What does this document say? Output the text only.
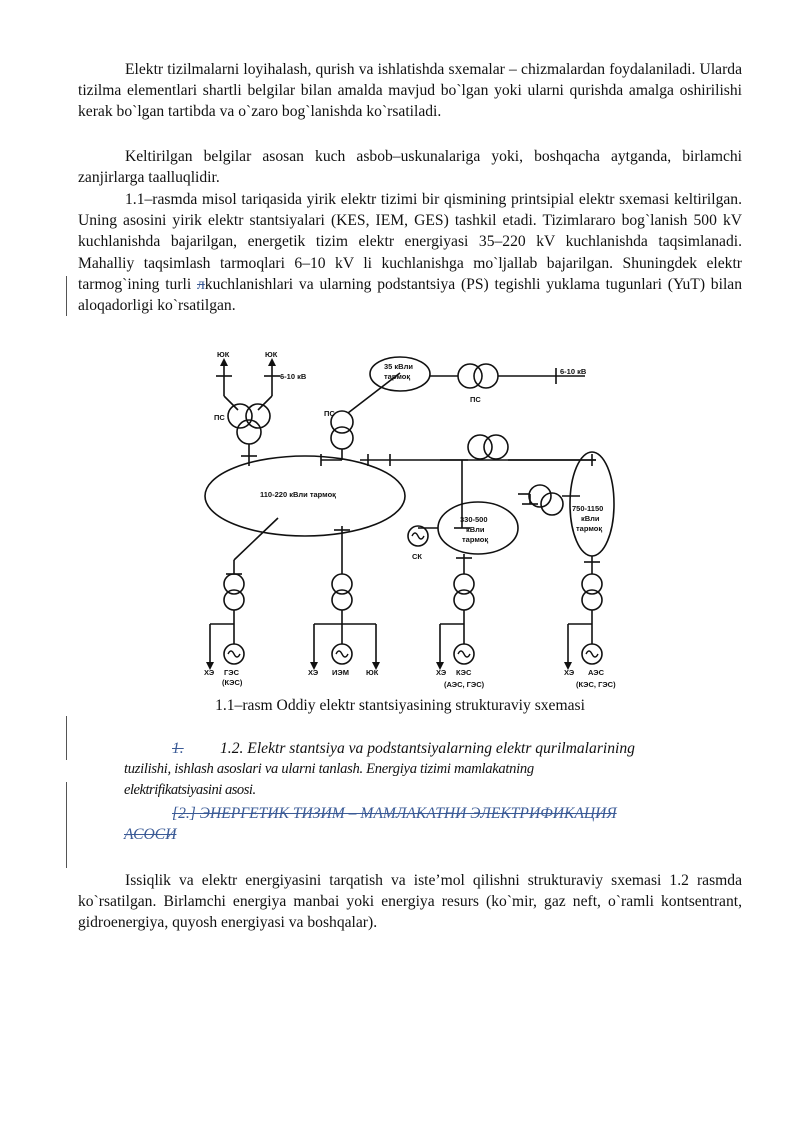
Elektr tizilmalarni loyihalash, qurish va ishlatishda sxemalar – chizmalardan foydalaniladi. Ularda tizilma elementlari shartli belgilar bilan amalda mavjud bo`lgan yoki ularni qurishda amalga oshirilishi kerak bo`lgan tartibda va o`zaro bog`lanishda ko`rsatiladi.

Keltirilgan belgilar asosan kuch asbob–uskunalariga yoki, boshqacha aytganda, birlamchi zanjirlarga taalluqlidir.

1.1–rasmda misol tariqasida yirik elektr tizimi bir qismining printsipial elektr sxemasi keltirilgan. Uning asosini yirik elektr stantsiyalari (KES, IEM, GES) tashkil etadi. Tizimlararo bog`lanish 500 kV kuchlanishda bajarilgan, energetik tizim elektr energiyasi 35–220 kV kuchlanishda taqsimlanadi. Mahalliy taqsimlash tarmoqlari 6–10 kV li kuchlanishga mo`ljallab bajarilgan. Shuningdek elektr tarmog`ining turli лkuchlanishlari va ularning podstantsiya (PS) tegishli yuklama tugunlari (YuT) bilan aloqadorligi ko`rsatilgan.

ЮК	ЮК
6-10 кВ
ПС	ПС
35 кВли
тармоқ
ПС
6-10 кВ
110-220 кВли тармоқ
330-500
кВли
тармоқ
СК
750-1150
кВли
тармоқ
ХЭ ГЭС
(КЭС)
ХЭ ИЭМ ЮК	ХЭ КЭС
(АЭС, ГЭС)
ХЭ АЭС
(КЭС, ГЭС)

1.1–rasm Oddiy elektr stantsiyasining strukturaviy sxemasi

1. 1.2. Elektr stantsiya va podstantsiyalarning elektr qurilmalarining
tuzilishi, ishlash asoslari va ularni tanlash. Energiya tizimi mamlakatning
elektrifikatsiyasini asosi.
[2.] ЭНЕРГЕТИК ТИЗИМ – МАМЛАКАТНИ ЭЛЕКТРИФИКАЦИЯ
АСОСИ

Issiqlik va elektr energiyasini tarqatish va iste’mol qilishni strukturaviy sxemasi 1.2 rasmda ko`rsatilgan. Birlamchi energiya manbai yoki energiya resurs (ko`mir, gaz neft, o`ramli kontsentrant, gidroenergiya, quyosh energiyasi va boshqalar).
